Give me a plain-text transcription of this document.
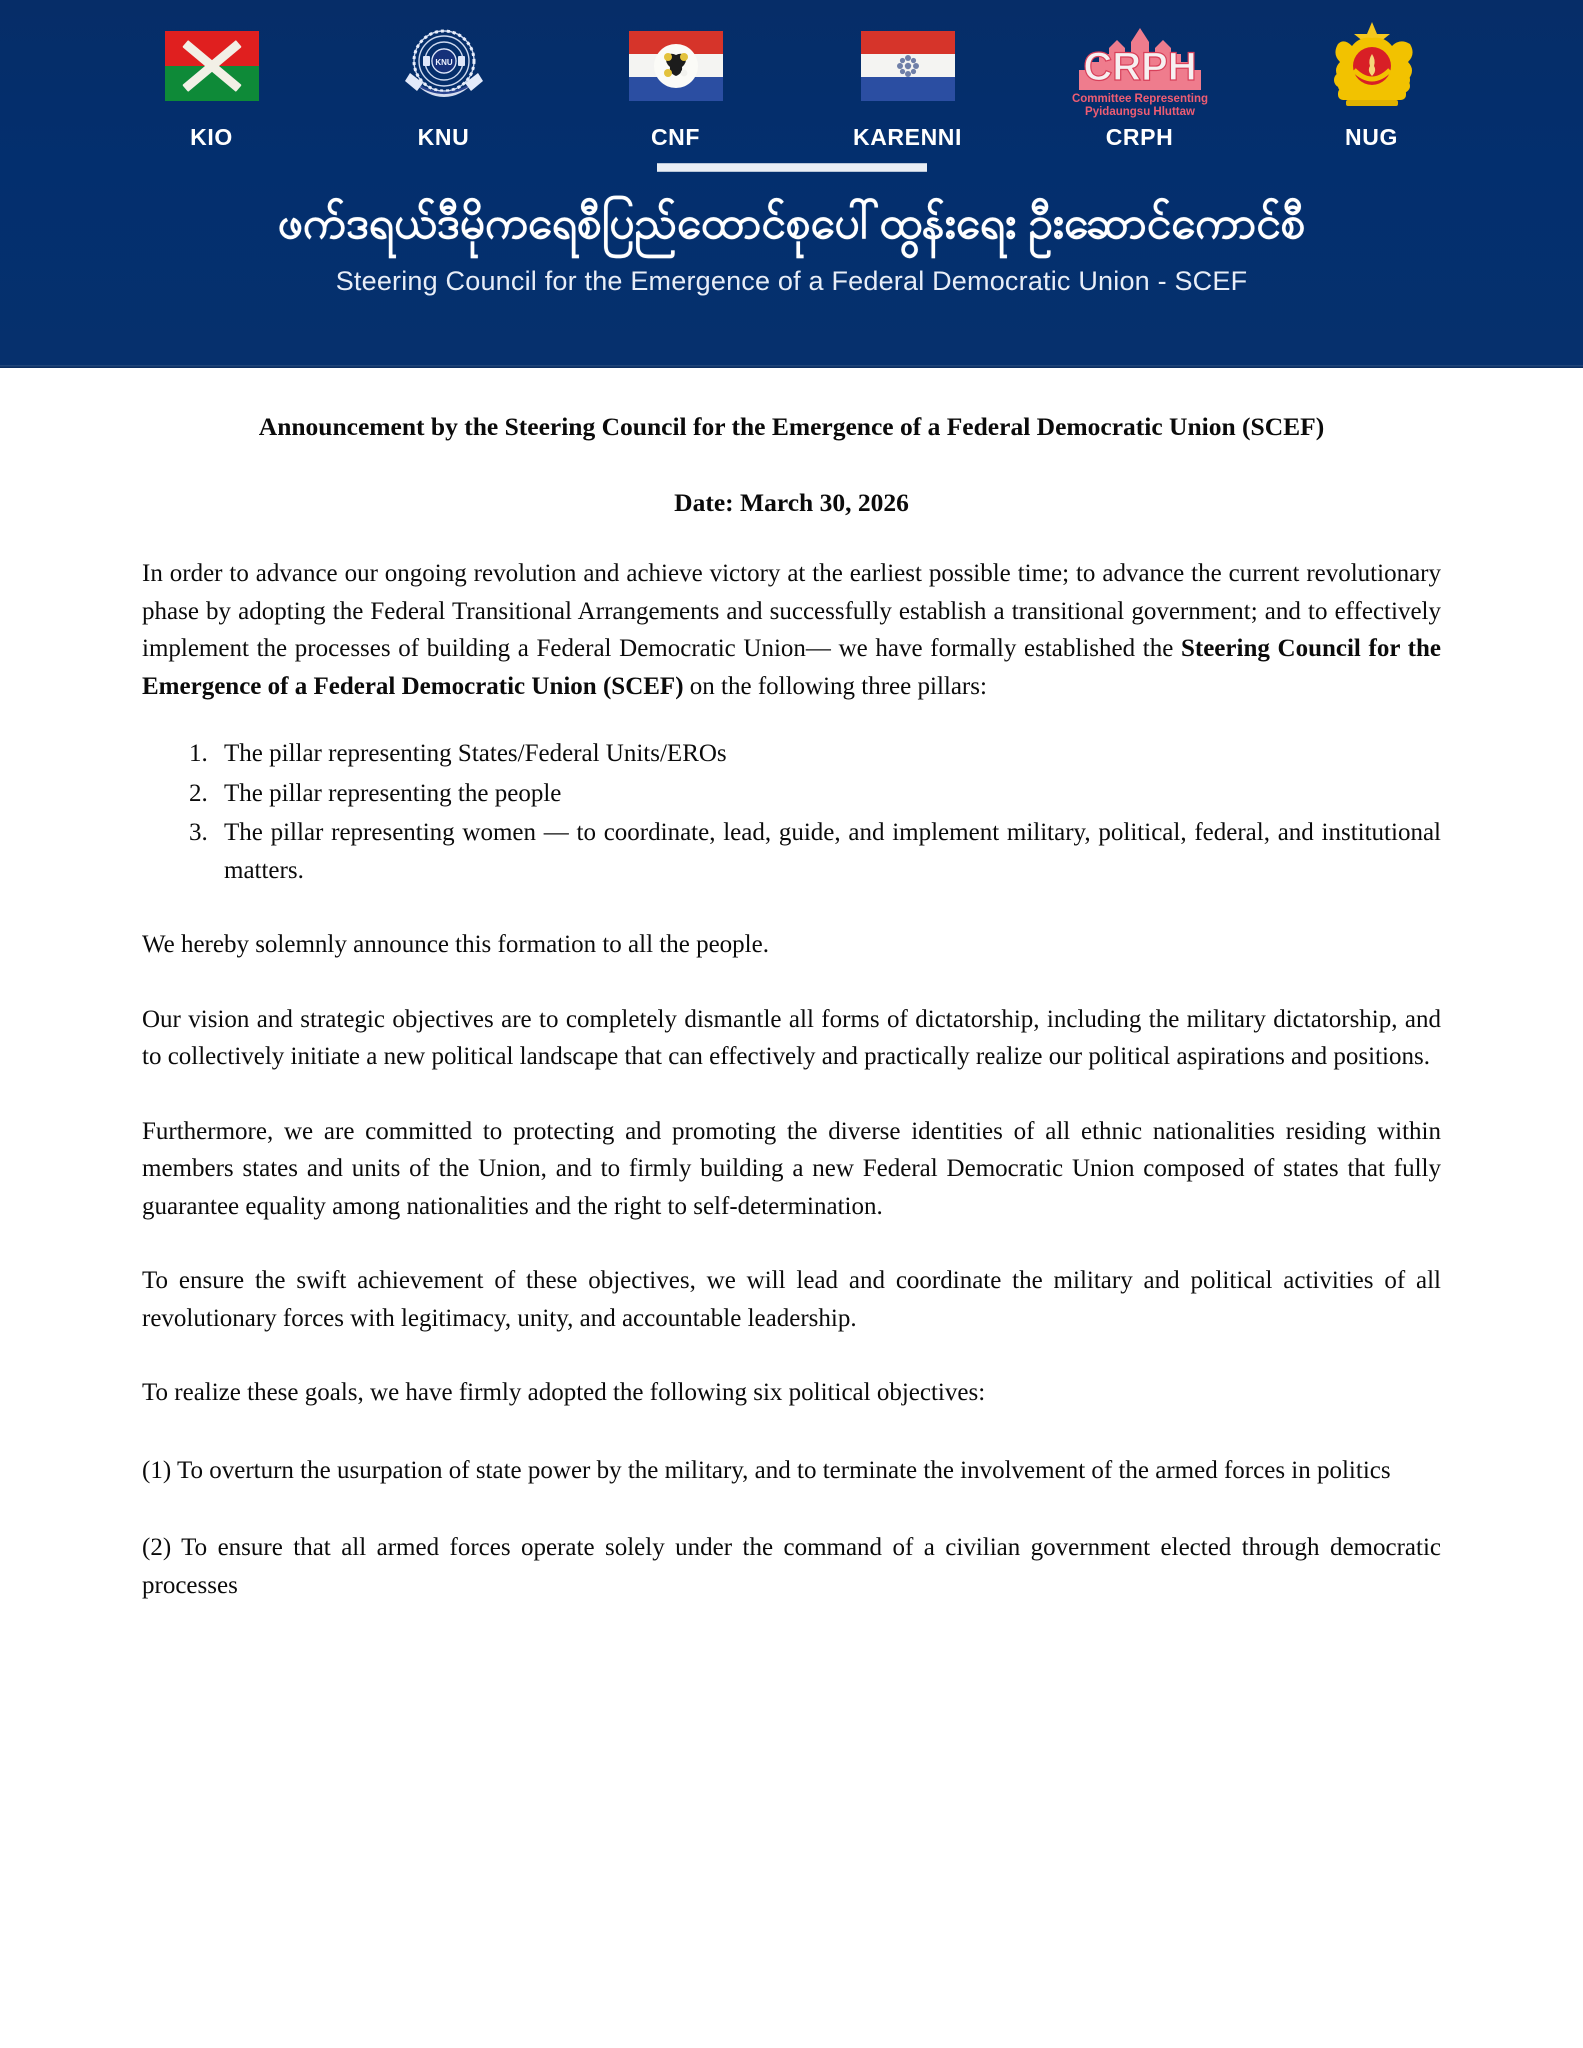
KIO
KNU
KNU	CNF	KARENNI
CRPH
Committee Representing
Pyidaungsu Hluttaw
CRPH	NUG
ဖက်ဒရယ်ဒီမိုကရေစီပြည်ထောင်စုပေါ်ထွန်းရေး ဦးဆောင်ကောင်စီ
Steering Council for the Emergence of a Federal Democratic Union - SCEF
Announcement by the Steering Council for the Emergence of a Federal Democratic Union (SCEF)
Date: March 30, 2026

In order to advance our ongoing revolution and achieve victory at the earliest possible time; to advance the current revolutionary phase by adopting the Federal Transitional Arrangements and successfully establish a transitional government; and to effectively implement the processes of building a Federal Democratic Union— we have formally established the Steering Council for the Emergence of a Federal Democratic Union (SCEF) on the following three pillars:

1. The pillar representing States/Federal Units/EROs
2. The pillar representing the people
3. The pillar representing women — to coordinate, lead, guide, and implement military, political, federal, and institutional matters.

We hereby solemnly announce this formation to all the people.

Our vision and strategic objectives are to completely dismantle all forms of dictatorship, including the military dictatorship, and to collectively initiate a new political landscape that can effectively and practically realize our political aspirations and positions.

Furthermore, we are committed to protecting and promoting the diverse identities of all ethnic nationalities residing within members states and units of the Union, and to firmly building a new Federal Democratic Union composed of states that fully guarantee equality among nationalities and the right to self-determination.

To ensure the swift achievement of these objectives, we will lead and coordinate the military and political activities of all revolutionary forces with legitimacy, unity, and accountable leadership.

To realize these goals, we have firmly adopted the following six political objectives:

(1) To overturn the usurpation of state power by the military, and to terminate the involvement of the armed forces in politics

(2) To ensure that all armed forces operate solely under the command of a civilian government elected through democratic processes
